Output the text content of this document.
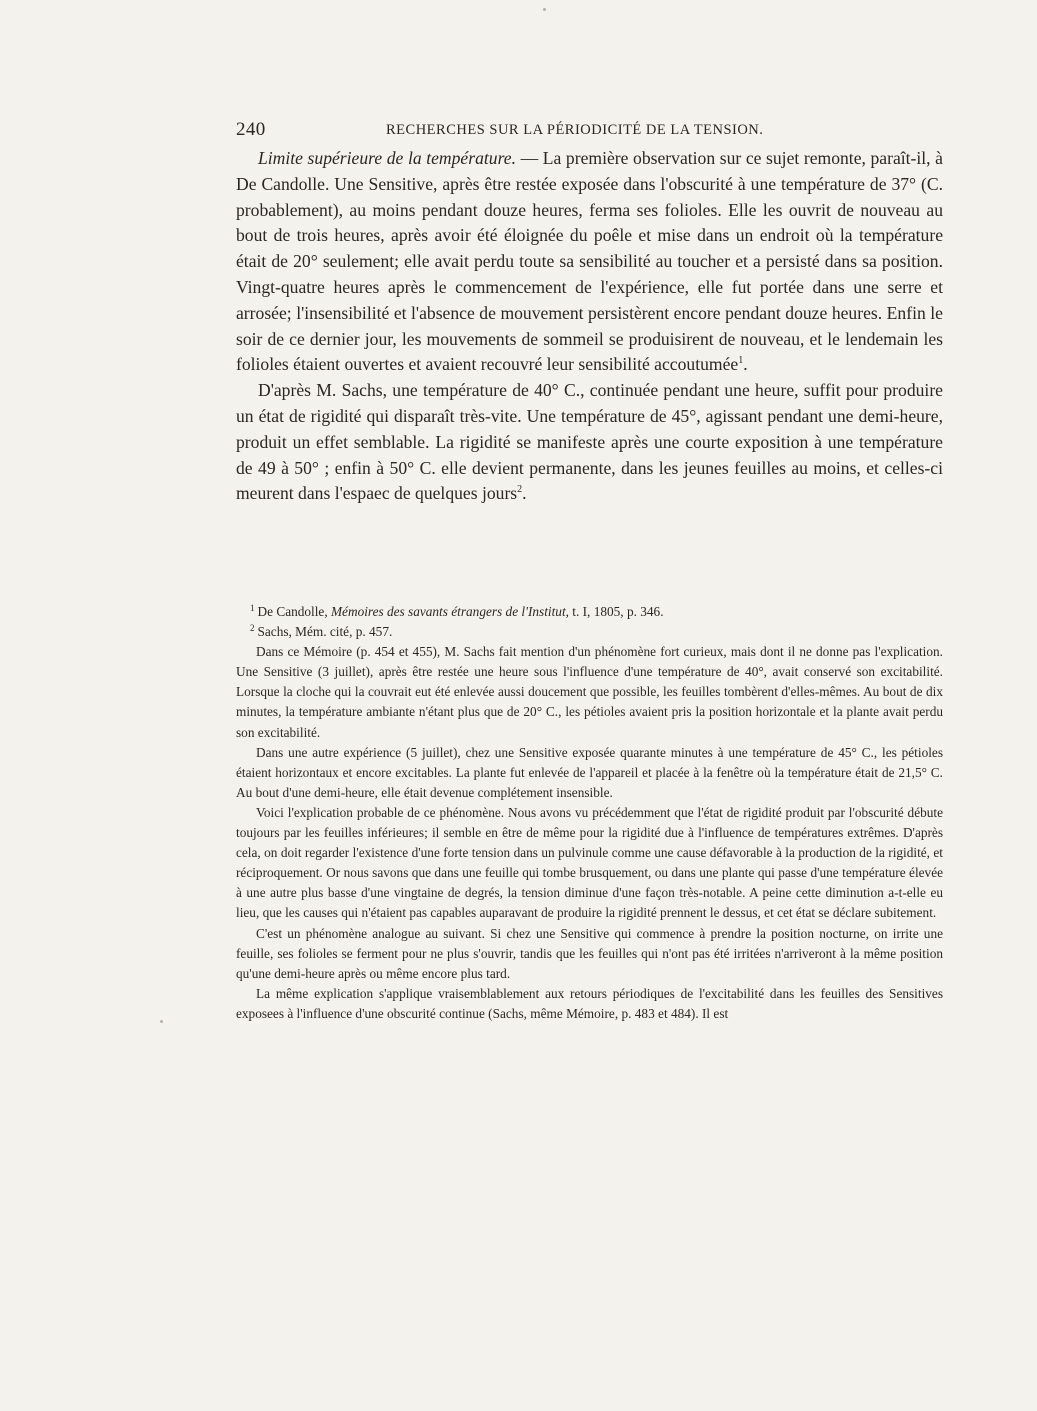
240	RECHERCHES SUR LA PÉRIODICITÉ DE LA TENSION.

Limite supérieure de la température. — La première observation sur ce sujet remonte, paraît-il, à De Candolle. Une Sensitive, après être restée exposée dans l'obscurité à une température de 37° (C. probablement), au moins pendant douze heures, ferma ses folioles. Elle les ouvrit de nouveau au bout de trois heures, après avoir été éloignée du poêle et mise dans un endroit où la température était de 20° seulement; elle avait perdu toute sa sensibilité au toucher et a persisté dans sa position. Vingt-quatre heures après le commencement de l'expérience, elle fut portée dans une serre et arrosée; l'insensibilité et l'absence de mouvement persistèrent encore pendant douze heures. Enfin le soir de ce dernier jour, les mouvements de sommeil se produisirent de nouveau, et le lendemain les folioles étaient ouvertes et avaient recouvré leur sensibilité accoutumée$^1$.

D'après M. Sachs, une température de 40° C., continuée pendant une heure, suffit pour produire un état de rigidité qui disparaît très-vite. Une température de 45°, agissant pendant une demi-heure, produit un effet semblable. La rigidité se manifeste après une courte exposition à une température de 49 à 50° ; enfin à 50° C. elle devient permanente, dans les jeunes feuilles au moins, et celles-ci meurent dans l'espaec de quelques jours$^2$.

$^1$ De Candolle, Mémoires des savants étrangers de l'Institut, t. I, 1805, p. 346.

$^2$ Sachs, Mém. cité, p. 457.

Dans ce Mémoire (p. 454 et 455), M. Sachs fait mention d'un phénomène fort curieux, mais dont il ne donne pas l'explication. Une Sensitive (3 juillet), après être restée une heure sous l'influence d'une température de 40°, avait conservé son excitabilité. Lorsque la cloche qui la couvrait eut été enlevée aussi doucement que possible, les feuilles tombèrent d'elles-mêmes. Au bout de dix minutes, la température ambiante n'étant plus que de 20° C., les pétioles avaient pris la position horizontale et la plante avait perdu son excitabilité.

Dans une autre expérience (5 juillet), chez une Sensitive exposée quarante minutes à une température de 45° C., les pétioles étaient horizontaux et encore excitables. La plante fut enlevée de l'appareil et placée à la fenêtre où la température était de 21,5° C. Au bout d'une demi-heure, elle était devenue complétement insensible.

Voici l'explication probable de ce phénomène. Nous avons vu précédemment que l'état de rigidité produit par l'obscurité débute toujours par les feuilles inférieures; il semble en être de même pour la rigidité due à l'influence de températures extrêmes. D'après cela, on doit regarder l'existence d'une forte tension dans un pulvinule comme une cause défavorable à la production de la rigidité, et réciproquement. Or nous savons que dans une feuille qui tombe brusquement, ou dans une plante qui passe d'une température élevée à une autre plus basse d'une vingtaine de degrés, la tension diminue d'une façon très-notable. A peine cette diminution a-t-elle eu lieu, que les causes qui n'étaient pas capables auparavant de produire la rigidité prennent le dessus, et cet état se déclare subitement.

C'est un phénomène analogue au suivant. Si chez une Sensitive qui commence à prendre la position nocturne, on irrite une feuille, ses folioles se ferment pour ne plus s'ouvrir, tandis que les feuilles qui n'ont pas été irritées n'arriveront à la même position qu'une demi-heure après ou même encore plus tard.

La même explication s'applique vraisemblablement aux retours périodiques de l'excitabilité dans les feuilles des Sensitives exposees à l'influence d'une obscurité continue (Sachs, même Mémoire, p. 483 et 484). Il est
